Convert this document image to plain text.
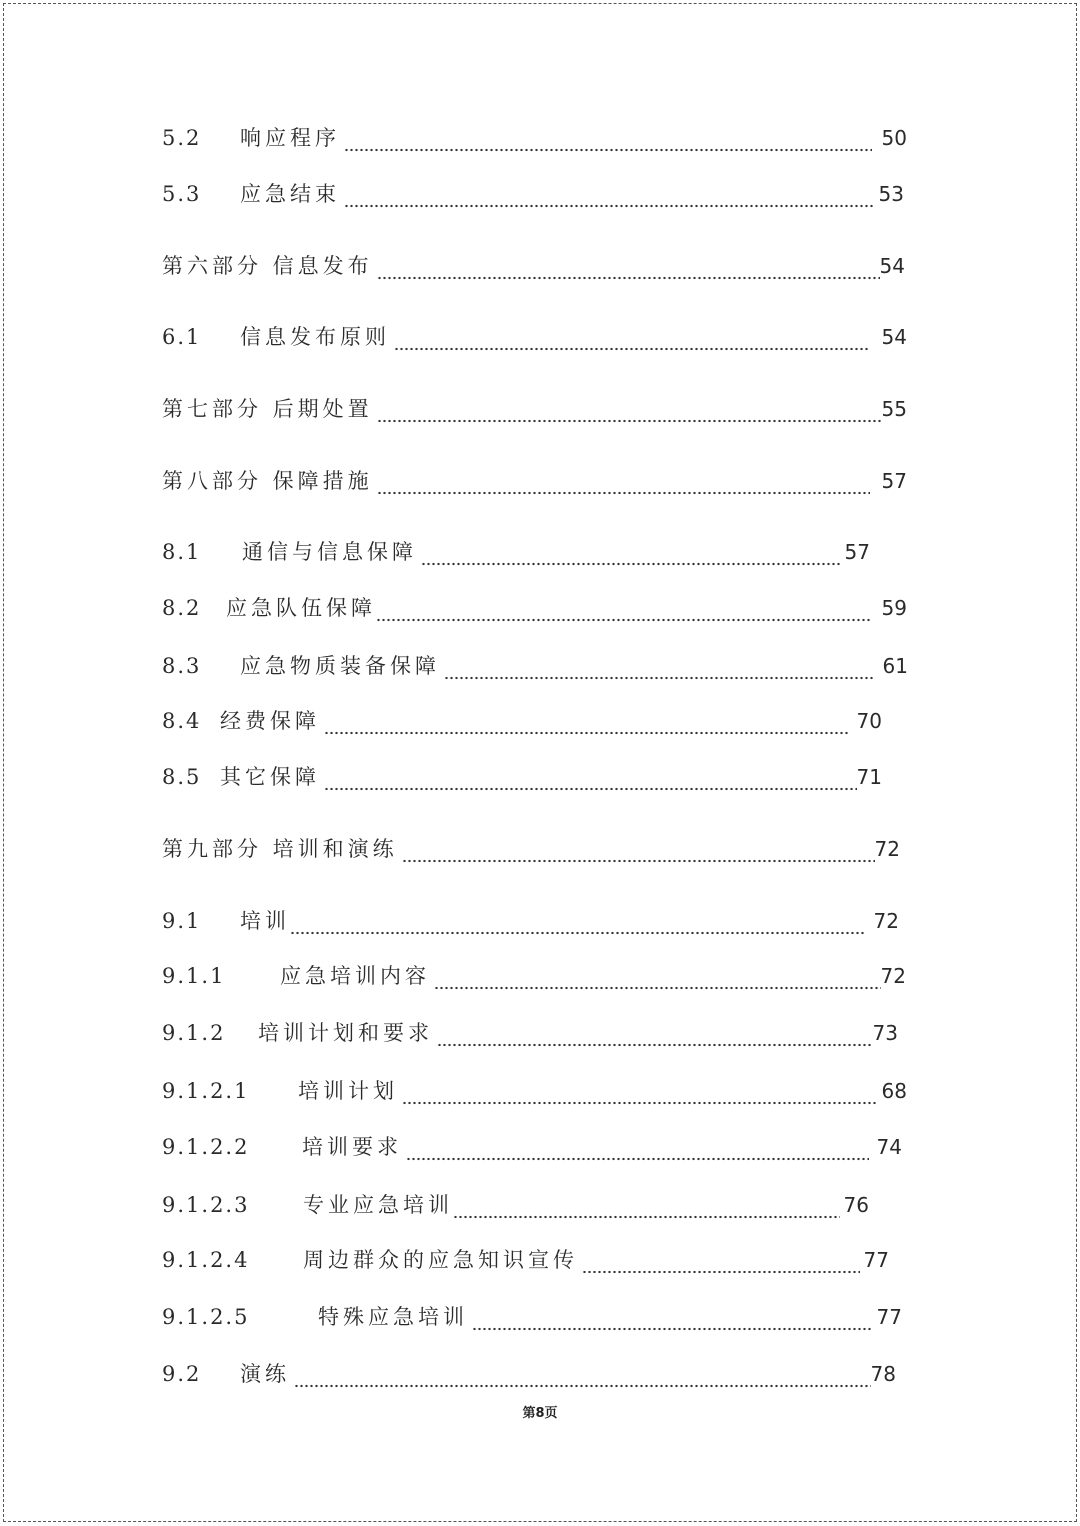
5.2	响应程序	50
5.3	应急结束	53
第六部分 信息发布	54
6.1	信息发布原则	54
第七部分 后期处置	55
第八部分 保障措施	57
8.1	通信与信息保障	57
8.2	应急队伍保障	59
8.3	应急物质装备保障	61
8.4 经费保障	70
8.5 其它保障	71
第九部分 培训和演练	72
9.1	培训	72
9.1.1	应急培训内容	72
9.1.2	培训计划和要求	73
9.1.2.1	培训计划	68
9.1.2.2	培训要求	74
9.1.2.3	专业应急培训	76
9.1.2.4	周边群众的应急知识宣传	77
9.1.2.5	特殊应急培训	77
9.2	演练	78
第8页
